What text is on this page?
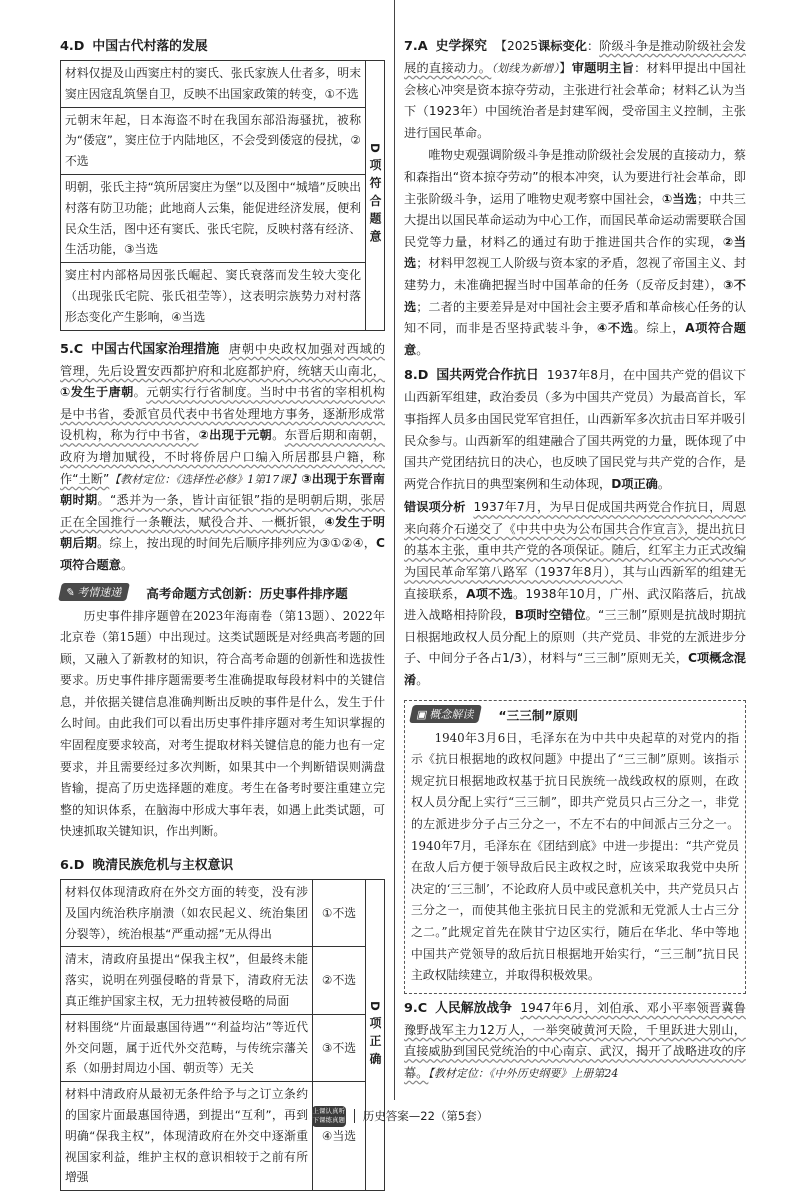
4.D 中国古代村落的发展
材料仅提及山西窦庄村的窦氏、张氏家族人仕者多，明末窦庄因寇乱筑堡自卫，反映不出国家政策的转变，①不选	D项符合题意
元朝末年起，日本海盗不时在我国东部沿海骚扰，被称为“倭寇”，窦庄位于内陆地区，不会受到倭寇的侵扰，②不选
明朝，张氏主持“筑所居窦庄为堡”以及图中“城墙”反映出村落有防卫功能；此地商人云集，能促进经济发展，便利民众生活，图中还有窦氏、张氏宅院，反映村落有经济、生活功能，③当选
窦庄村内部格局因张氏崛起、窦氏衰落而发生较大变化（出现张氏宅院、张氏祖茔等），这表明宗族势力对村落形态变化产生影响，④当选

5.C 中国古代国家治理措施 唐朝中央政权加强对西域的管理，先后设置安西都护府和北庭都护府，统辖天山南北，①发生于唐朝。元朝实行行省制度。当时中书省的宰相机构是中书省，委派官员代表中书省处理地方事务，逐渐形成常设机构，称为行中书省，②出现于元朝。东晋后期和南朝，政府为增加赋役，不时将侨居户口编入所居郡县户籍，称作“土断”【教材定位：《选择性必修》1第17课】③出现于东晋南朝时期。“悉并为一条，皆计亩征银”指的是明朝后期，张居正在全国推行一条鞭法，赋役合并、一概折银，④发生于明朝后期。综上，按出现的时间先后顺序排列应为③①②④，C项符合题意。

✎ 考情速递 高考命题方式创新：历史事件排序题

历史事件排序题曾在2023年海南卷（第13题）、2022年北京卷（第15题）中出现过。这类试题既是对经典高考题的回顾，又融入了新教材的知识，符合高考命题的创新性和选拔性要求。历史事件排序题需要考生准确提取每段材料中的关键信息，并依据关键信息准确判断出反映的事件是什么，发生于什么时间。由此我们可以看出历史事件排序题对考生知识掌握的牢固程度要求较高，对考生提取材料关键信息的能力也有一定要求，并且需要经过多次判断，如果其中一个判断错误则满盘皆输，提高了历史选择题的难度。考生在备考时要注重建立完整的知识体系，在脑海中形成大事年表，如遇上此类试题，可快速抓取关键知识，作出判断。

6.D 晚清民族危机与主权意识
材料仅体现清政府在外交方面的转变，没有涉及国内统治秩序崩溃（如农民起义、统治集团分裂等），统治根基“严重动摇”无从得出	①不选	D项正确
清末，清政府虽提出“保我主权”，但最终未能落实，说明在列强侵略的背景下，清政府无法真正维护国家主权，无力扭转被侵略的局面	②不选	
材料围绕“片面最惠国待遇”“利益均沾”等近代外交问题，属于近代外交范畴，与传统宗藩关系（如册封周边小国、朝贡等）无关	③不选	
材料中清政府从最初无条件给予与之订立条约的国家片面最惠国待遇，到提出“互利”，再到明确“保我主权”，体现清政府在外交中逐渐重视国家利益，维护主权的意识相较于之前有所增强	④当选	

7.A 史学探究 【2025课标变化：阶级斗争是推动阶级社会发展的直接动力。（划线为新增）】审题明主旨：材料甲提出中国社会核心冲突是资本掠夺劳动，主张进行社会革命；材料乙认为当下（1923年）中国统治者是封建军阀，受帝国主义控制，主张进行国民革命。

唯物史观强调阶级斗争是推动阶级社会发展的直接动力，蔡和森指出“资本掠夺劳动”的根本冲突，认为要进行社会革命，即主张阶级斗争，运用了唯物史观考察中国社会，①当选；中共三大提出以国民革命运动为中心工作，而国民革命运动需要联合国民党等力量，材料乙的通过有助于推进国共合作的实现，②当选；材料甲忽视工人阶级与资本家的矛盾，忽视了帝国主义、封建势力，未准确把握当时中国革命的任务（反帝反封建），③不选；二者的主要差异是对中国社会主要矛盾和革命核心任务的认知不同，而非是否坚持武装斗争，④不选。综上，A项符合题意。

8.D 国共两党合作抗日 1937年8月，在中国共产党的倡议下山西新军组建，政治委员（多为中国共产党员）为最高首长，军事指挥人员多由国民党军官担任，山西新军多次抗击日军并吸引民众参与。山西新军的组建融合了国共两党的力量，既体现了中国共产党团结抗日的决心，也反映了国民党与共产党的合作，是两党合作抗日的典型案例和生动体现，D项正确。

错误项分析 1937年7月，为早日促成国共两党合作抗日，周恩来向蒋介石递交了《中共中央为公布国共合作宣言》，提出抗日的基本主张，重申共产党的各项保证。随后，红军主力正式改编为国民革命军第八路军（1937年8月），其与山西新军的组建无直接联系，A项不选。1938年10月，广州、武汉陷落后，抗战进入战略相持阶段，B项时空错位。“三三制”原则是抗战时期抗日根据地政权人员分配上的原则（共产党员、非党的左派进步分子、中间分子各占1/3），材料与“三三制”原则无关，C项概念混淆。

▣ 概念解读 “三三制”原则

1940年3月6日，毛泽东在为中共中央起草的对党内的指示《抗日根据地的政权问题》中提出了“三三制”原则。该指示规定抗日根据地政权基于抗日民族统一战线政权的原则，在政权人员分配上实行“三三制”，即共产党员只占三分之一，非党的左派进步分子占三分之一，不左不右的中间派占三分之一。1940年7月，毛泽东在《团结到底》中进一步提出：“共产党员在敌人后方便于领导敌后民主政权之时，应该采取我党中央所决定的‘三三制’，不论政府人员中或民意机关中，共产党员只占三分之一，而使其他主张抗日民主的党派和无党派人士占三分之二。”此规定首先在陕甘宁边区实行，随后在华北、华中等地中国共产党领导的敌后抗日根据地开始实行，“三三制”抗日民主政权陆续建立，并取得积极效果。

9.C 人民解放战争 1947年6月，刘伯承、邓小平率领晋冀鲁豫野战军主力12万人，一举突破黄河天险，千里跃进大别山，直接威胁到国民党统治的中心南京、武汉，揭开了战略进攻的序幕。【教材定位：《中外历史纲要》上册第24

上课认真听
下课练真题 历史答案—22（第5套）
